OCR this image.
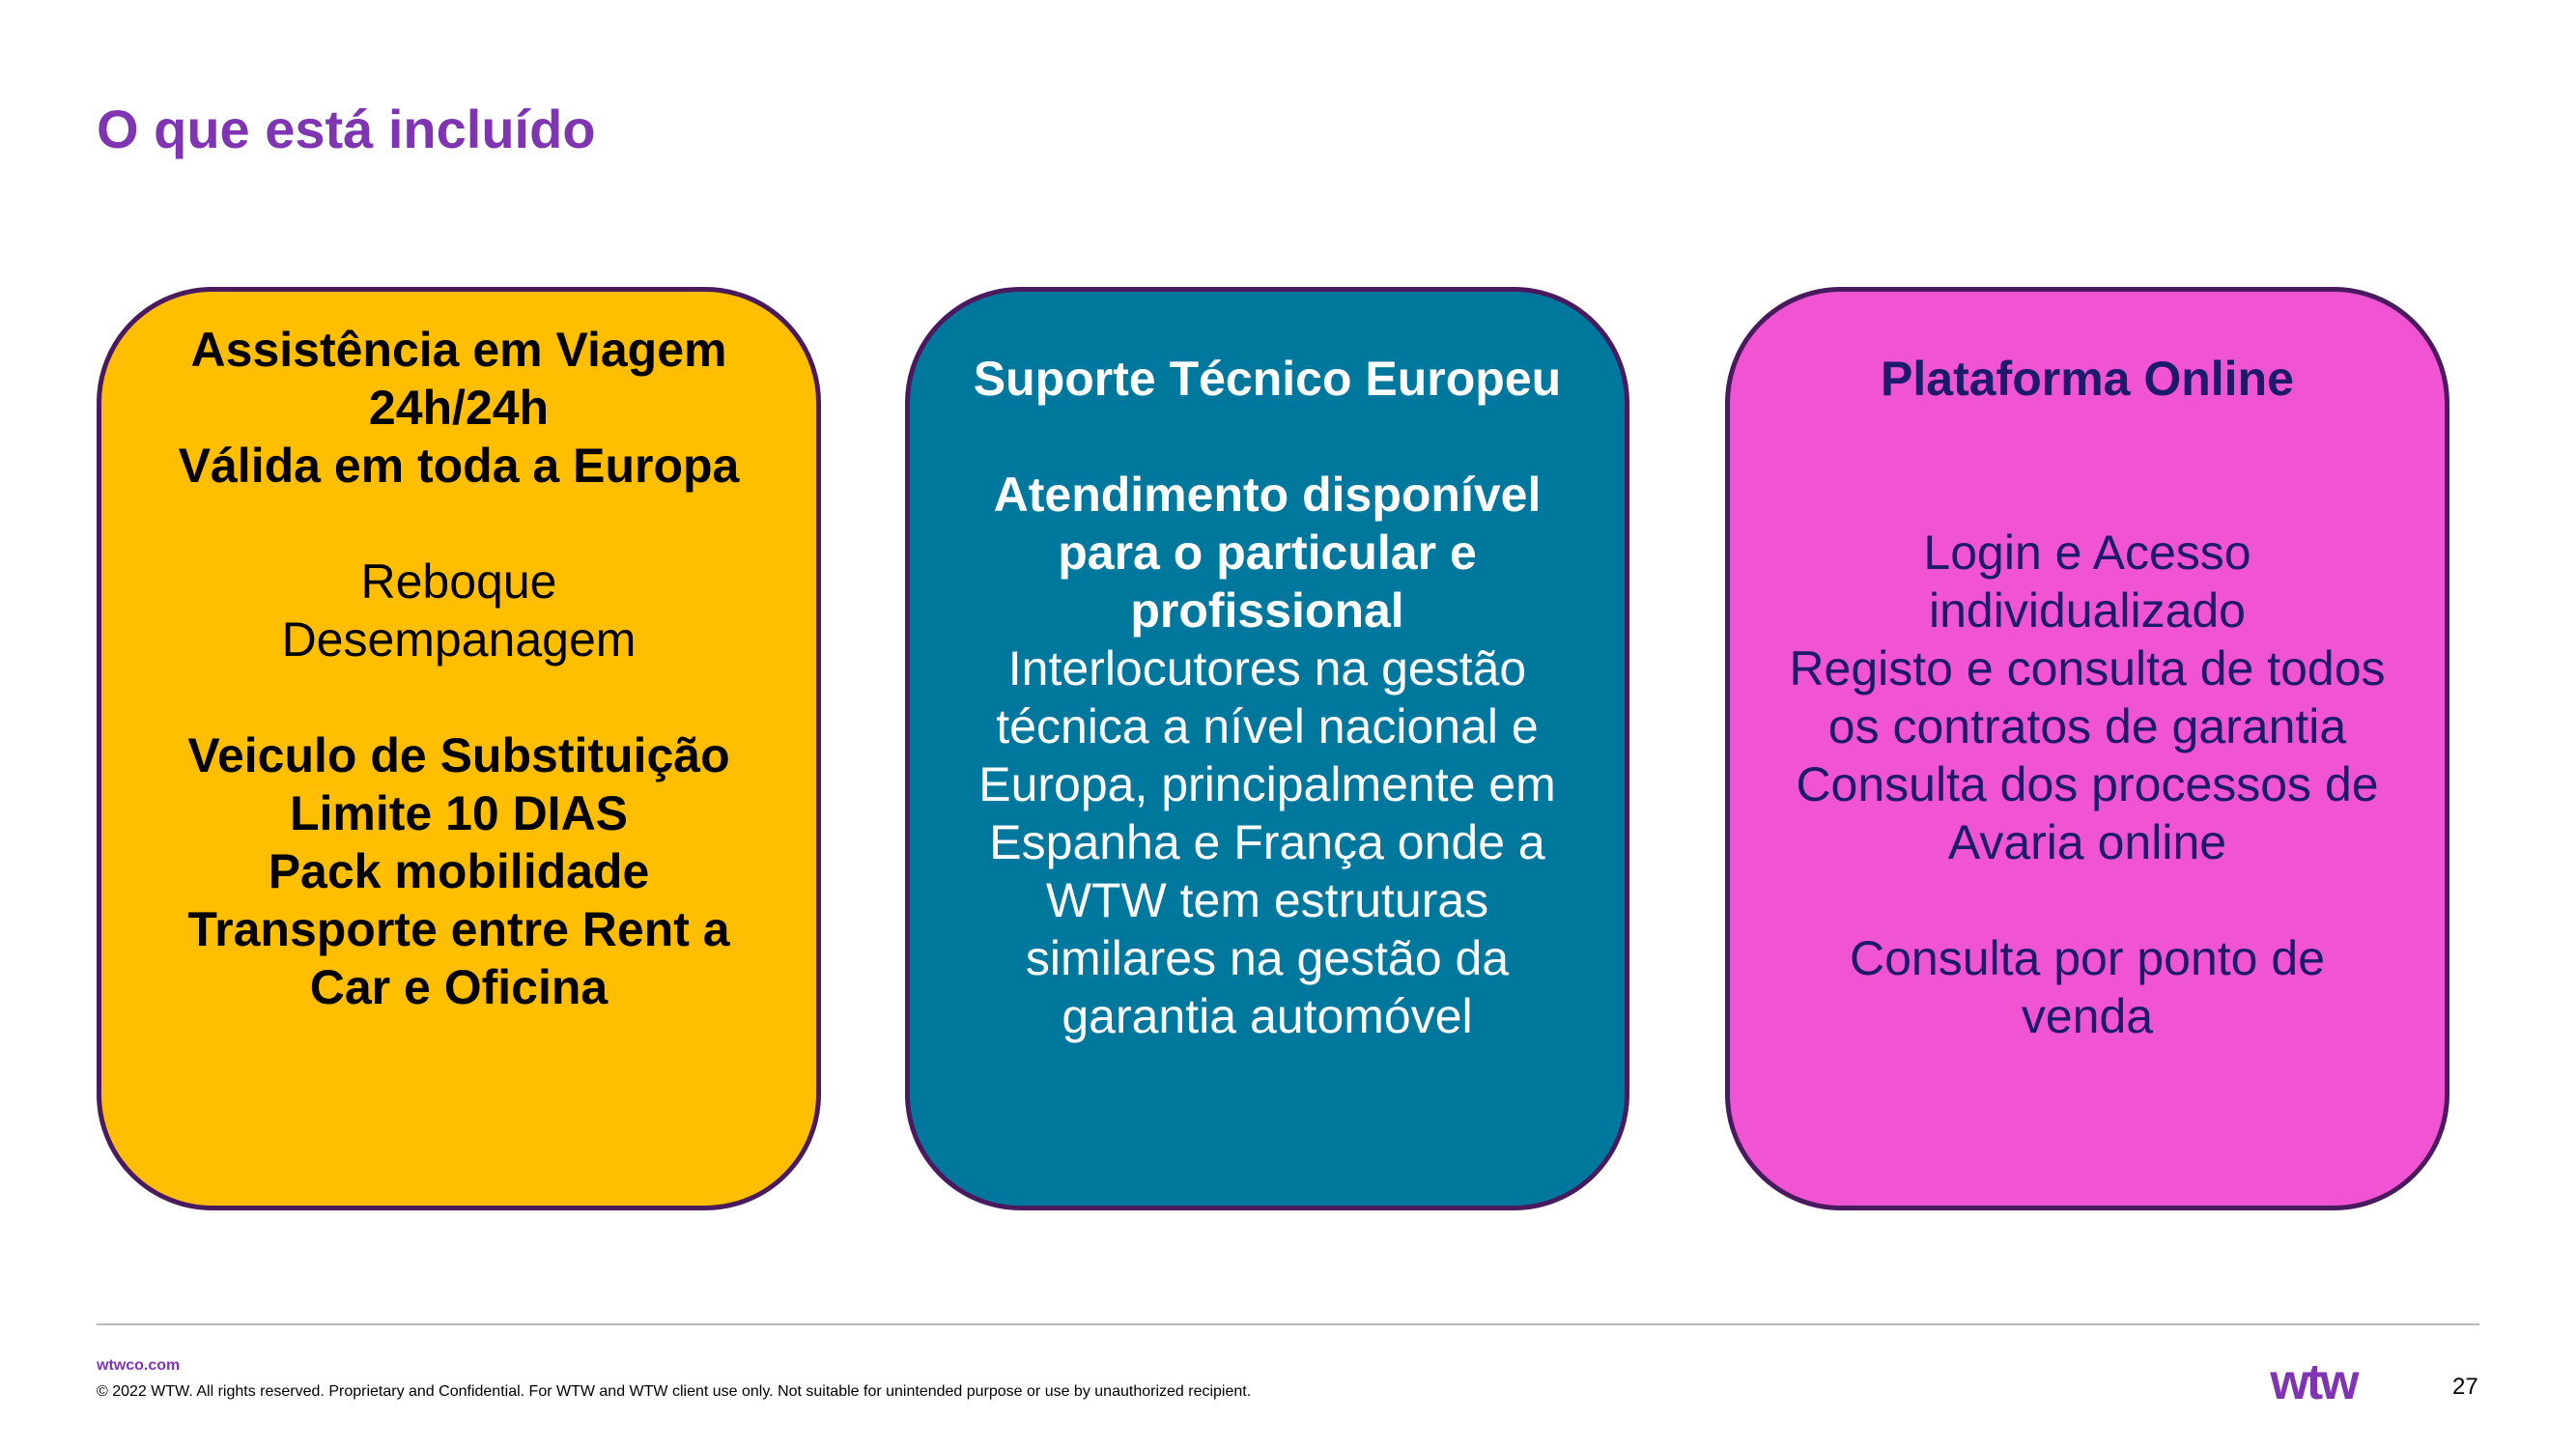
O que está incluído
Assistência em Viagem
24h/24h
Válida em toda a Europa
Reboque
Desempanagem
Veiculo de Substituição
Limite 10 DIAS
Pack mobilidade
Transporte entre Rent a
Car e Oficina
Suporte Técnico Europeu
Atendimento disponível
para o particular e
profissional
Interlocutores na gestão
técnica a nível nacional e
Europa, principalmente em
Espanha e França onde a
WTW tem estruturas
similares na gestão da
garantia automóvel
Plataforma Online
Login e Acesso
individualizado
Registo e consulta de todos
os contratos de garantia
Consulta dos processos de
Avaria online
Consulta por ponto de
venda
wtwco.com
© 2022 WTW. All rights reserved. Proprietary and Confidential. For WTW and WTW client use only. Not suitable for unintended purpose or use by unauthorized recipient.	wtw	27
